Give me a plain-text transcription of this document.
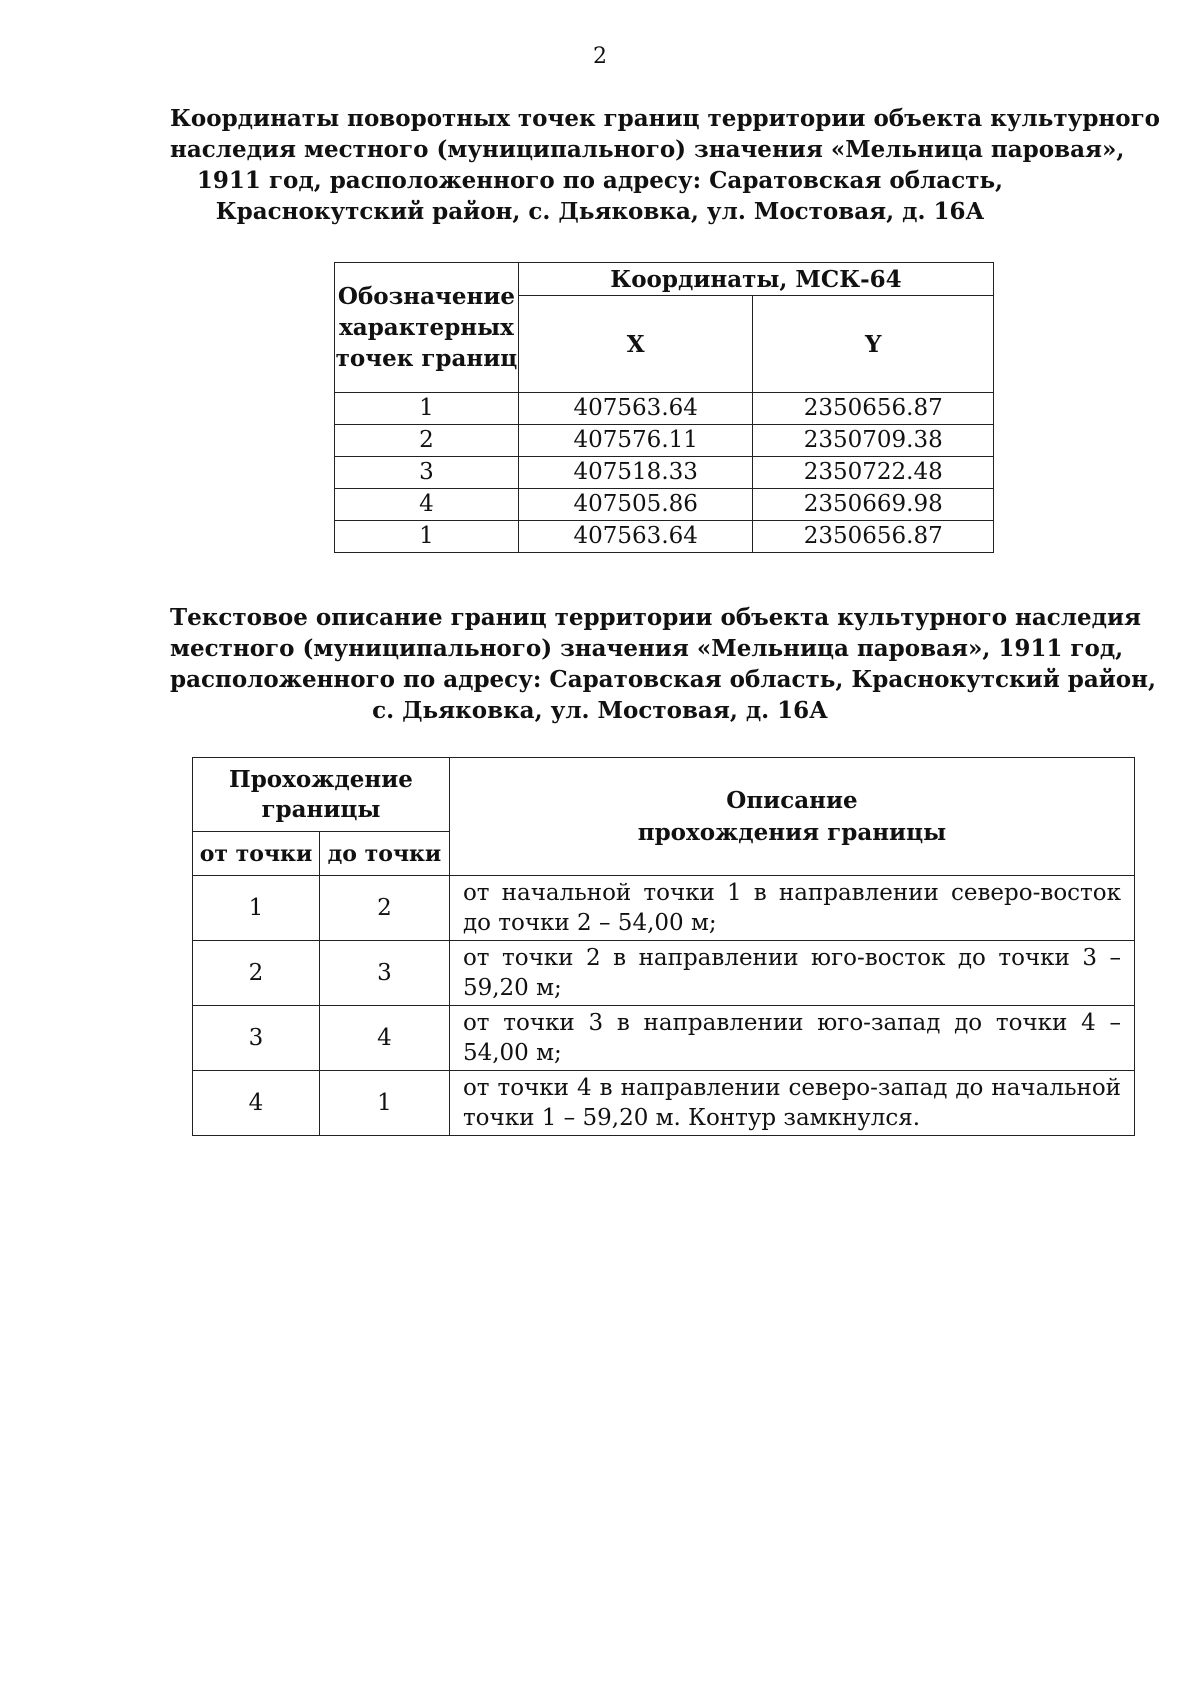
2
Координаты поворотных точек границ территории объекта культурного
наследия местного (муниципального) значения «Мельница паровая»,
1911 год, расположенного по адресу: Саратовская область,
Краснокутский район, с. Дьяковка, ул. Мостовая, д. 16А
Обозначение характерных точек границ	Координаты, МСК-64	
	X	Y
1	407563.64	2350656.87
2	407576.11	2350709.38
3	407518.33	2350722.48
4	407505.86	2350669.98
1	407563.64	2350656.87
Текстовое описание границ территории объекта культурного наследия
местного (муниципального) значения «Мельница паровая», 1911 год,
расположенного по адресу: Саратовская область, Краснокутский район,
с. Дьяковка, ул. Мостовая, д. 16А
Прохождение границы		Описание
прохождения границы

от точки	до точки	
1	2	от начальной точки 1 в направлении северо-восток до точки 2 – 54,00 м;
2	3	от точки 2 в направлении юго-восток до точки 3 – 59,20 м;
3	4	от точки 3 в направлении юго-запад до точки 4 – 54,00 м;
4	1	от точки 4 в направлении северо-запад до начальной точки 1 – 59,20 м. Контур замкнулся.
